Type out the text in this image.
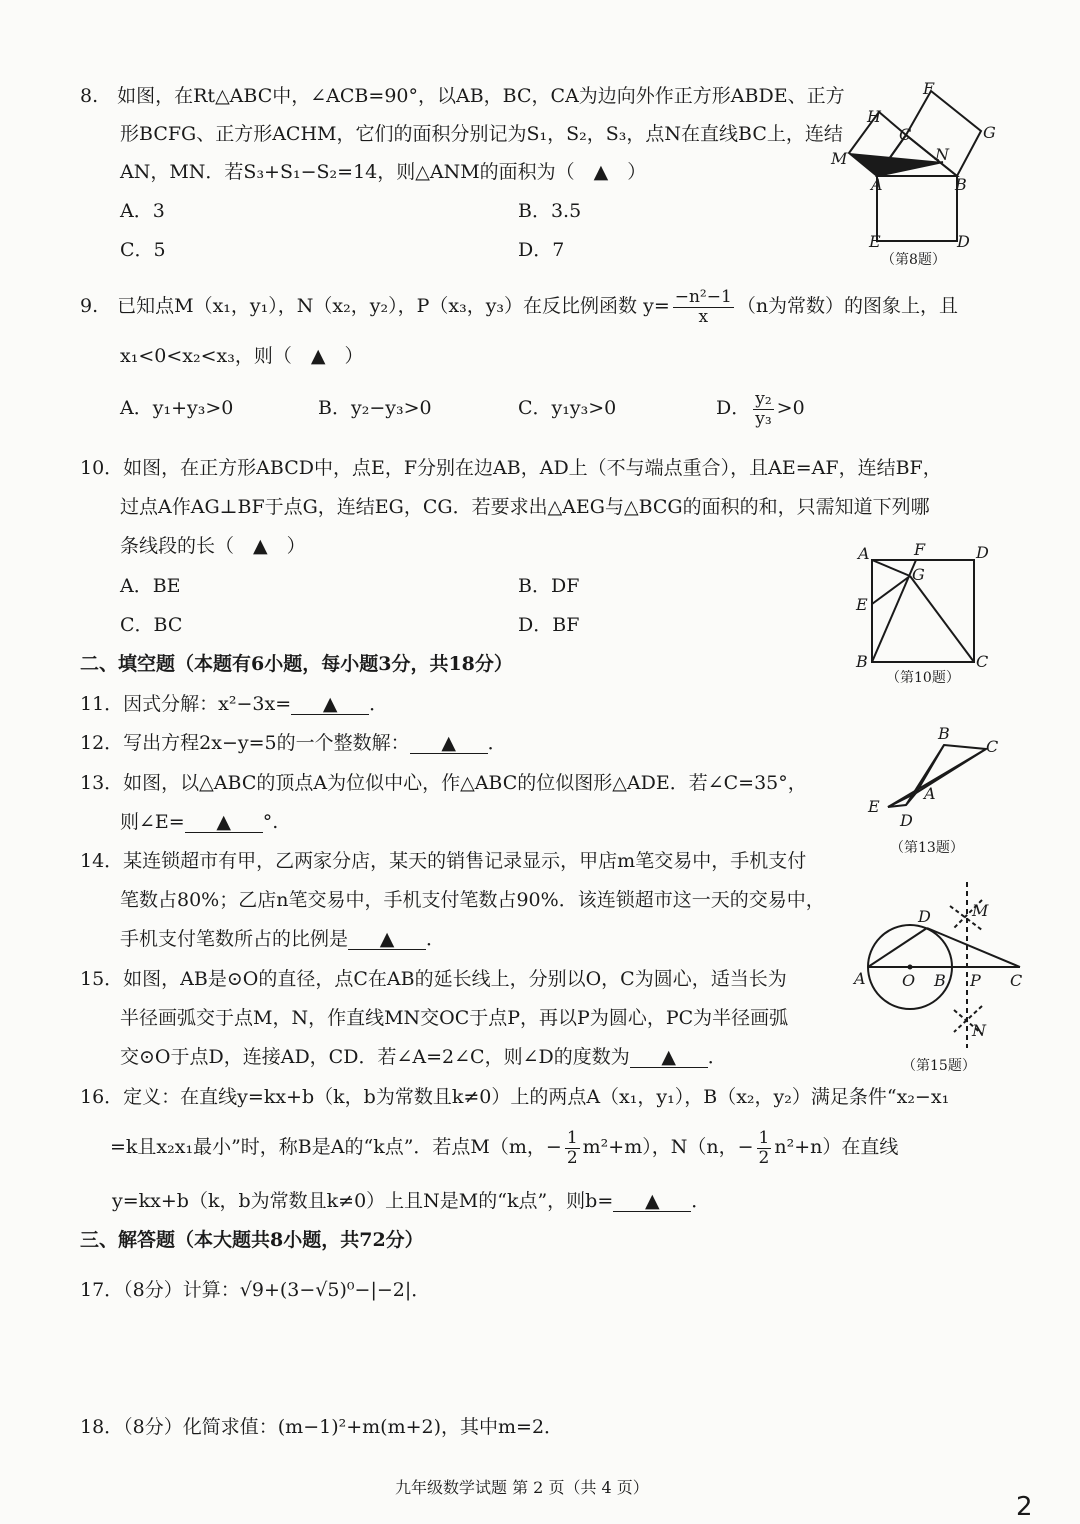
8.　如图，在Rt△ABC中，∠ACB=90°，以AB，BC，CA为边向外作正方形ABDE、正方
形BCFG、正方形ACHM，它们的面积分别记为S₁，S₂，S₃，点N在直线BC上，连结
AN，MN．若S₃+S₁−S₂=14，则△ANM的面积为（　▲　）
A．3	B．3.5
C．5	D．7
F
H
C	G
M	N
A	B
E	D
（第8题）
9.　已知点M（x₁，y₁），N（x₂，y₂），P（x₃，y₃）在反比例函数 $y= \frac{\text{−n²−1}}{x} (n$为常数）的图象上，且
x₁<0<x₂<x₃，则（　▲　）
A．y₁+y₃>0	B．y₂−y₃>0	C．y₁y₃>0	D． $\frac{\text{y₂}}{\text{y₃}} >0$
10．如图，在正方形ABCD中，点E，F分别在边AB，AD上（不与端点重合），且AE=AF，连结BF，
过点A作AG⊥BF于点G，连结EG，CG．若要求出△AEG与△BCG的面积的和，只需知道下列哪
条线段的长（　▲　）
A．BE	B．DF
C．BC	D．BF
A	F	D
G
E
B	C
（第10题）
二、填空题（本题有6小题，每小题3分，共18分）
11．因式分解：x²−3x= ▲ ．
12．写出方程2x−y=5的一个整数解： ▲ ．
13．如图，以△ABC的顶点A为位似中心，作△ABC的位似图形△ADE．若∠C=35°，
则∠E= ▲ °.
B
C
A
E
D
（第13题）
14．某连锁超市有甲，乙两家分店，某天的销售记录显示，甲店m笔交易中，手机支付
笔数占80%；乙店n笔交易中，手机支付笔数占90%．该连锁超市这一天的交易中，
手机支付笔数所占的比例是 ▲ ．
15．如图，AB是⊙O的直径，点C在AB的延长线上，分别以O，C为圆心，适当长为
半径画弧交于点M，N，作直线MN交OC于点P，再以P为圆心，PC为半径画弧
交⊙O于点D，连接AD，CD．若∠A=2∠C，则∠D的度数为 ▲ ．
D	M
A O B P C
N
（第15题）
16．定义：在直线y=kx+b（k，b为常数且k≠0）上的两点A（x₁，y₁），B（x₂，y₂）满足条件“x₂−x₁
=k且x₂x₁最小”时，称B是A的“k点”．若点M（m，− $\frac{1}{2} m^2+m$），N（n，− $\frac{1}{2} n^2+n$）在直线
y=kx+b（k，b为常数且k≠0）上且N是M的“k点”，则b= ▲ ．
三、解答题（本大题共8小题，共72分）
17．（8分）计算：√9+(3−√5)⁰−|−2|．
18．（8分）化简求值：(m−1)²+m(m+2)，其中m=2．
九年级数学试题 第 2 页（共 4 页）
2
